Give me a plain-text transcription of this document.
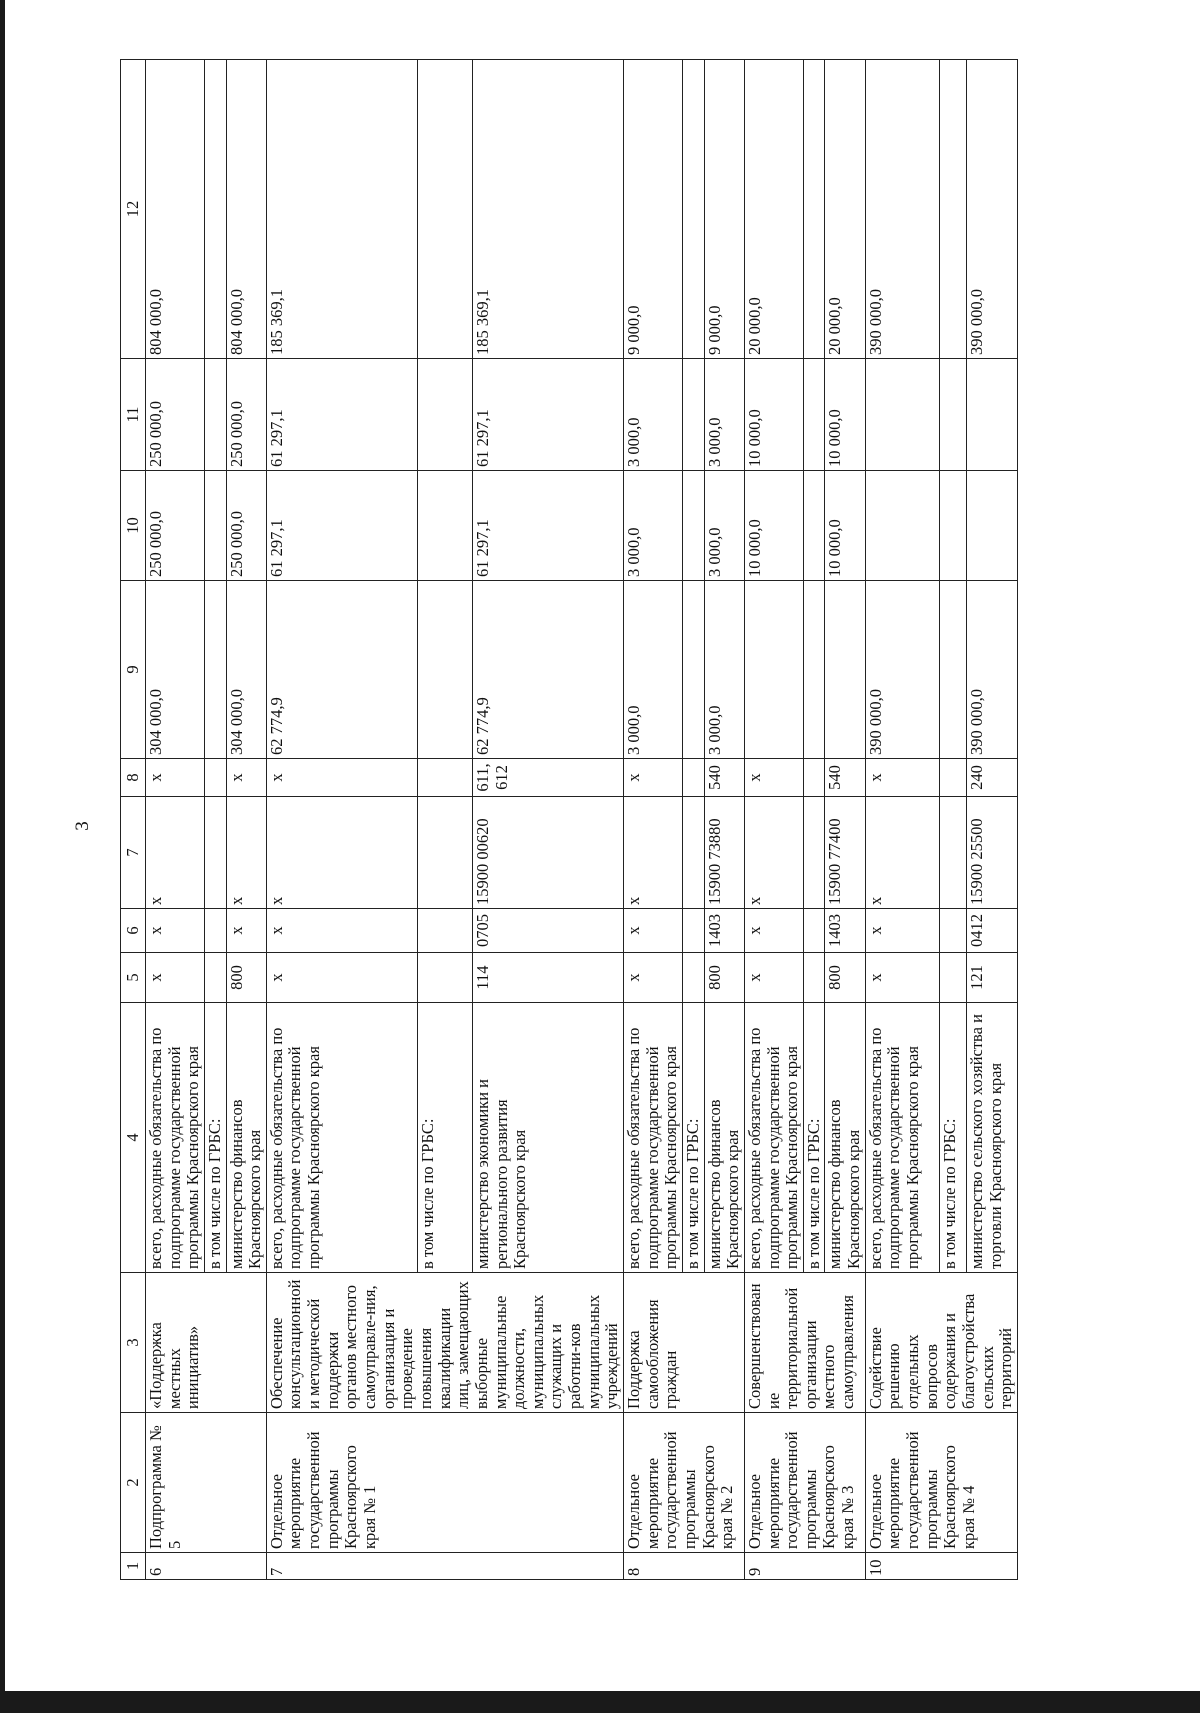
3
1	2	3	4	5	6	7	8	9	10	11	12
6	Подпрограмма № 5	«Поддержка местных инициатив»	всего, расходные обязательства по подпрограмме государственной программы Красноярского края	x	x	x	x	304 000,0	250 000,0	250 000,0	804 000,0
			в том числе по ГРБС:								
			министерство финансов Красноярского края	800	x	x	x	304 000,0	250 000,0	250 000,0	804 000,0
7	Отдельное мероприятие государственной программы Красноярского края № 1	Обеспечение консультационной и методической поддержки органов местного самоуправле-ния, организация и проведение повышения квалификации лиц, замещающих выборные муниципальные должности, муниципальных служащих и работни-ков муниципальных учреждений	всего, расходные обязательства по подпрограмме государственной программы Красноярского края	x	x	x	x	62 774,9	61 297,1	61 297,1	185 369,1
			в том числе по ГРБС:								
			министерство экономики и регионального развития Красноярского края	114	0705	15900 00620	611, 612	62 774,9	61 297,1	61 297,1	185 369,1
8	Отдельное мероприятие государственной программы Красноярского края № 2	Поддержка самообложения граждан	всего, расходные обязательства по подпрограмме государственной программы Красноярского края	x	x	x	x	3 000,0	3 000,0	3 000,0	9 000,0
			в том числе по ГРБС:								
			министерство финансов Красноярского края	800	1403	15900 73880	540	3 000,0	3 000,0	3 000,0	9 000,0
9	Отдельное мероприятие государственной программы Красноярского края № 3	Совершенствование территориальной организации местного самоуправления	всего, расходные обязательства по подпрограмме государственной программы Красноярского края	x	x	x	x		10 000,0	10 000,0	20 000,0
			в том числе по ГРБС:								
			министерство финансов Красноярского края	800	1403	15900 77400	540		10 000,0	10 000,0	20 000,0
10	Отдельное мероприятие государственной программы Красноярского края № 4	Содействие решению отдельных вопросов содержания и благоустройства сельских территорий	всего, расходные обязательства по подпрограмме государственной программы Красноярского края	x	x	x	x	390 000,0			390 000,0
			в том числе по ГРБС:								
			министерство сельского хозяйства и торговли Красноярского края	121	0412	15900 25500	240	390 000,0			390 000,0
